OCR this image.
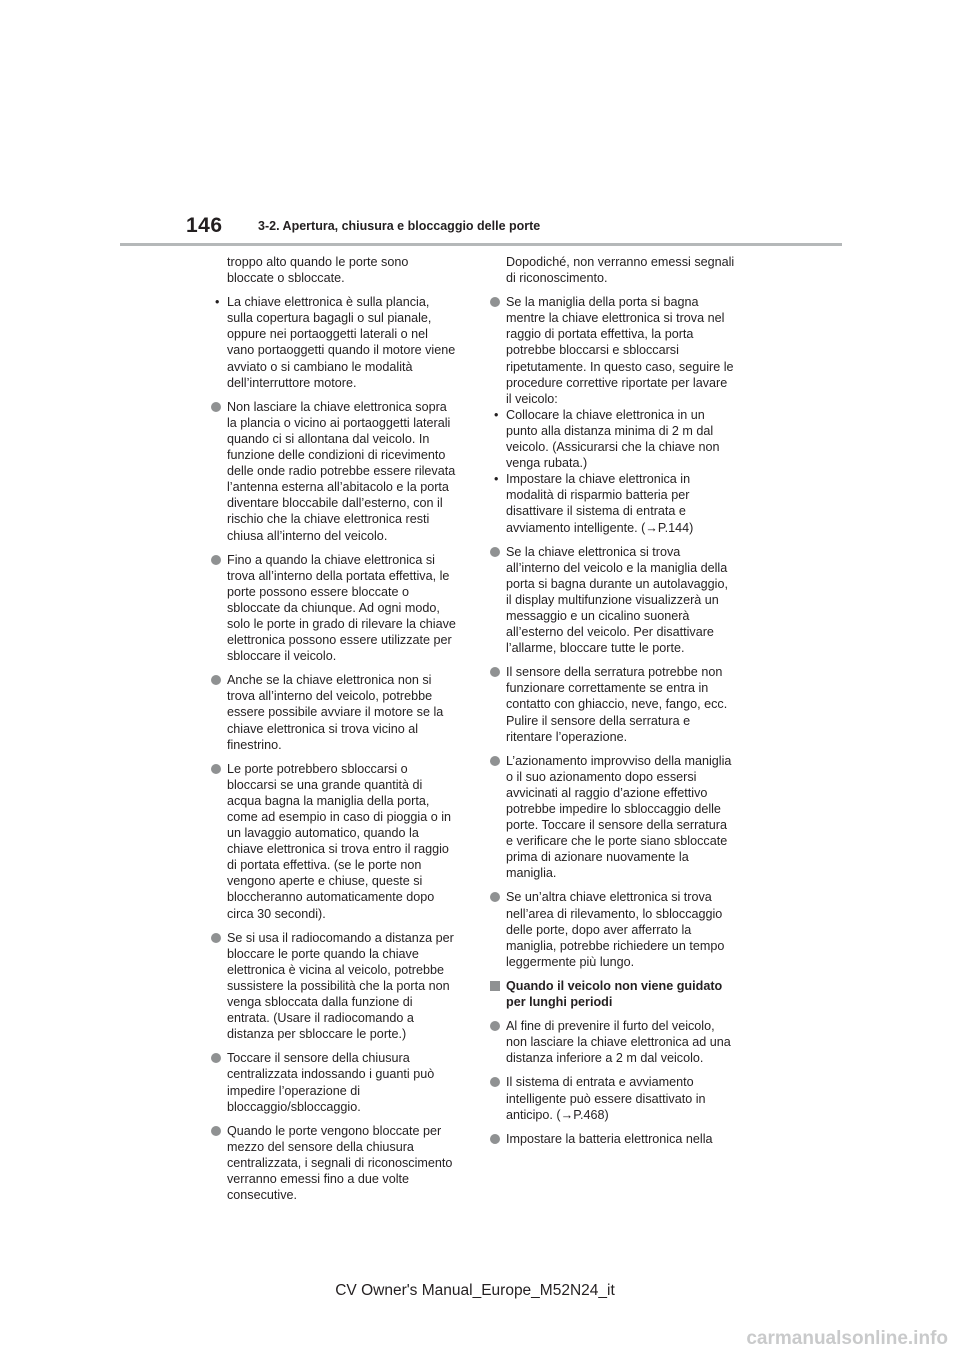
146	3-2. Apertura, chiusura e bloccaggio delle porte

troppo alto quando le porte sono bloccate o sbloccate.

• La chiave elettronica è sulla plancia, sulla copertura bagagli o sul pianale, oppure nei portaoggetti laterali o nel vano portaoggetti quando il motore viene avviato o si cambiano le modalità dell’interruttore motore.

Non lasciare la chiave elettronica sopra la plancia o vicino ai portaoggetti laterali quando ci si allontana dal veicolo. In funzione delle condizioni di ricevimento delle onde radio potrebbe essere rilevata l’antenna esterna all’abitacolo e la porta diventare bloccabile dall’esterno, con il rischio che la chiave elettronica resti chiusa all’interno del veicolo.

Fino a quando la chiave elettronica si trova all’interno della portata effettiva, le porte possono essere bloccate o sbloccate da chiunque. Ad ogni modo, solo le porte in grado di rilevare la chiave elettronica possono essere utilizzate per sbloccare il veicolo.

Anche se la chiave elettronica non si trova all’interno del veicolo, potrebbe essere possibile avviare il motore se la chiave elettronica si trova vicino al finestrino.

Le porte potrebbero sbloccarsi o bloccarsi se una grande quantità di acqua bagna la maniglia della porta, come ad esempio in caso di pioggia o in un lavaggio automatico, quando la chiave elettronica si trova entro il raggio di portata effettiva. (se le porte non vengono aperte e chiuse, queste si bloccheranno automaticamente dopo circa 30 secondi).

Se si usa il radiocomando a distanza per bloccare le porte quando la chiave elettronica è vicina al veicolo, potrebbe sussistere la possibilità che la porta non venga sbloccata dalla funzione di entrata. (Usare il radiocomando a distanza per sbloccare le porte.)

Toccare il sensore della chiusura centralizzata indossando i guanti può impedire l’operazione di bloccaggio/sbloccaggio.

Quando le porte vengono bloccate per mezzo del sensore della chiusura centralizzata, i segnali di riconoscimento verranno emessi fino a due volte consecutive.

Dopodiché, non verranno emessi segnali di riconoscimento.

Se la maniglia della porta si bagna mentre la chiave elettronica si trova nel raggio di portata effettiva, la porta potrebbe bloccarsi e sbloccarsi ripetutamente. In questo caso, seguire le procedure correttive riportate per lavare il veicolo:

• Collocare la chiave elettronica in un punto alla distanza minima di 2 m dal veicolo. (Assicurarsi che la chiave non venga rubata.)

• Impostare la chiave elettronica in modalità di risparmio batteria per disattivare il sistema di entrata e avviamento intelligente. (→P.144)

Se la chiave elettronica si trova all’interno del veicolo e la maniglia della porta si bagna durante un autolavaggio, il display multifunzione visualizzerà un messaggio e un cicalino suonerà all’esterno del veicolo. Per disattivare l’allarme, bloccare tutte le porte.

Il sensore della serratura potrebbe non funzionare correttamente se entra in contatto con ghiaccio, neve, fango, ecc. Pulire il sensore della serratura e ritentare l’operazione.

L’azionamento improvviso della maniglia o il suo azionamento dopo essersi avvicinati al raggio d’azione effettivo potrebbe impedire lo sbloccaggio delle porte. Toccare il sensore della serratura e verificare che le porte siano sbloccate prima di azionare nuovamente la maniglia.

Se un’altra chiave elettronica si trova nell’area di rilevamento, lo sbloccaggio delle porte, dopo aver afferrato la maniglia, potrebbe richiedere un tempo leggermente più lungo.

Quando il veicolo non viene guidato per lunghi periodi

Al fine di prevenire il furto del veicolo, non lasciare la chiave elettronica ad una distanza inferiore a 2 m dal veicolo.

Il sistema di entrata e avviamento intelligente può essere disattivato in anticipo. (→P.468)

Impostare la batteria elettronica nella

CV Owner's Manual_Europe_M52N24_it
carmanualsonline.info
